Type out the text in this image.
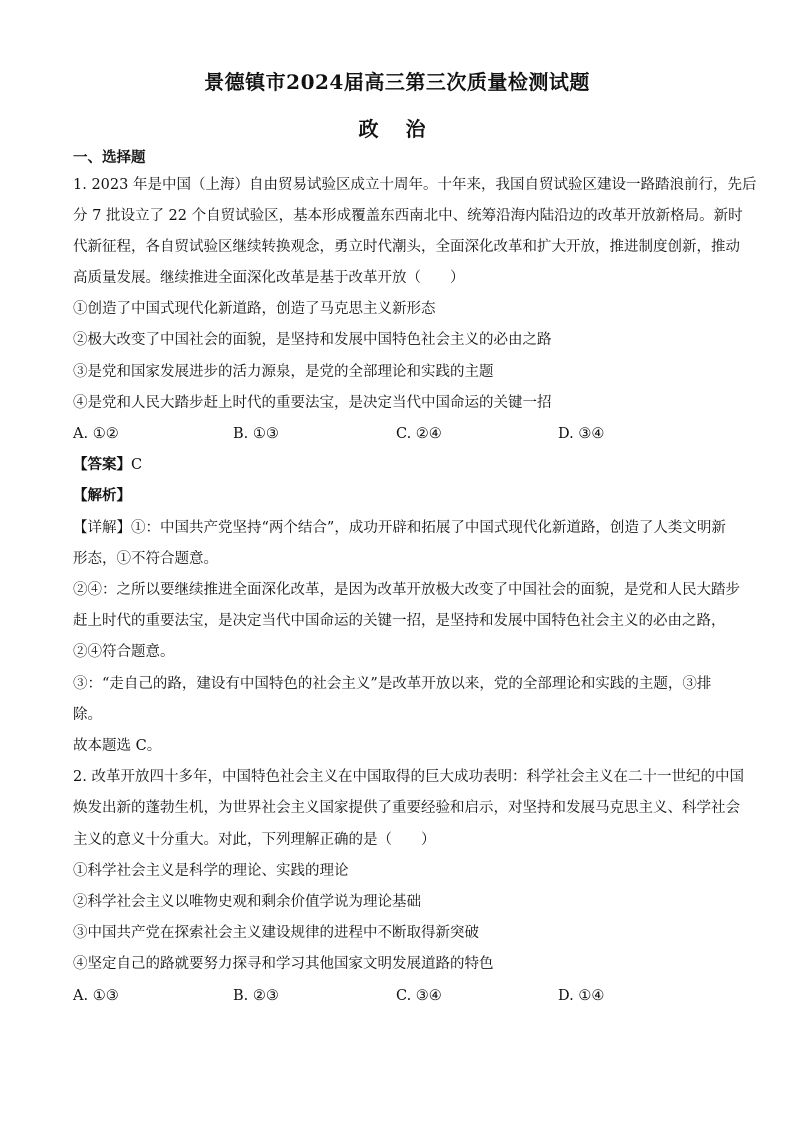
景德镇市2024届高三第三次质量检测试题
政 治
一、选择题
1. 2023 年是中国（上海）自由贸易试验区成立十周年。十年来，我国自贸试验区建设一路踏浪前行，先后
分 7 批设立了 22 个自贸试验区，基本形成覆盖东西南北中、统筹沿海内陆沿边的改革开放新格局。新时
代新征程，各自贸试验区继续转换观念，勇立时代潮头，全面深化改革和扩大开放，推进制度创新，推动
高质量发展。继续推进全面深化改革是基于改革开放（　　）
①创造了中国式现代化新道路，创造了马克思主义新形态
②极大改变了中国社会的面貌，是坚持和发展中国特色社会主义的必由之路
③是党和国家发展进步的活力源泉，是党的全部理论和实践的主题
④是党和人民大踏步赶上时代的重要法宝，是决定当代中国命运的关键一招
A. ①②	B. ①③	C. ②④	D. ③④
【答案】C
【解析】
【详解】①：中国共产党坚持“两个结合”，成功开辟和拓展了中国式现代化新道路，创造了人类文明新
形态，①不符合题意。
②④：之所以要继续推进全面深化改革，是因为改革开放极大改变了中国社会的面貌，是党和人民大踏步
赶上时代的重要法宝，是决定当代中国命运的关键一招，是坚持和发展中国特色社会主义的必由之路，
②④符合题意。
③：“走自己的路，建设有中国特色的社会主义”是改革开放以来，党的全部理论和实践的主题，③排
除。
故本题选 C。
2. 改革开放四十多年，中国特色社会主义在中国取得的巨大成功表明：科学社会主义在二十一世纪的中国
焕发出新的蓬勃生机，为世界社会主义国家提供了重要经验和启示，对坚持和发展马克思主义、科学社会
主义的意义十分重大。对此，下列理解正确的是（　　）
①科学社会主义是科学的理论、实践的理论
②科学社会主义以唯物史观和剩余价值学说为理论基础
③中国共产党在探索社会主义建设规律的进程中不断取得新突破
④坚定自己的路就要努力探寻和学习其他国家文明发展道路的特色
A. ①③	B. ②③	C. ③④	D. ①④
